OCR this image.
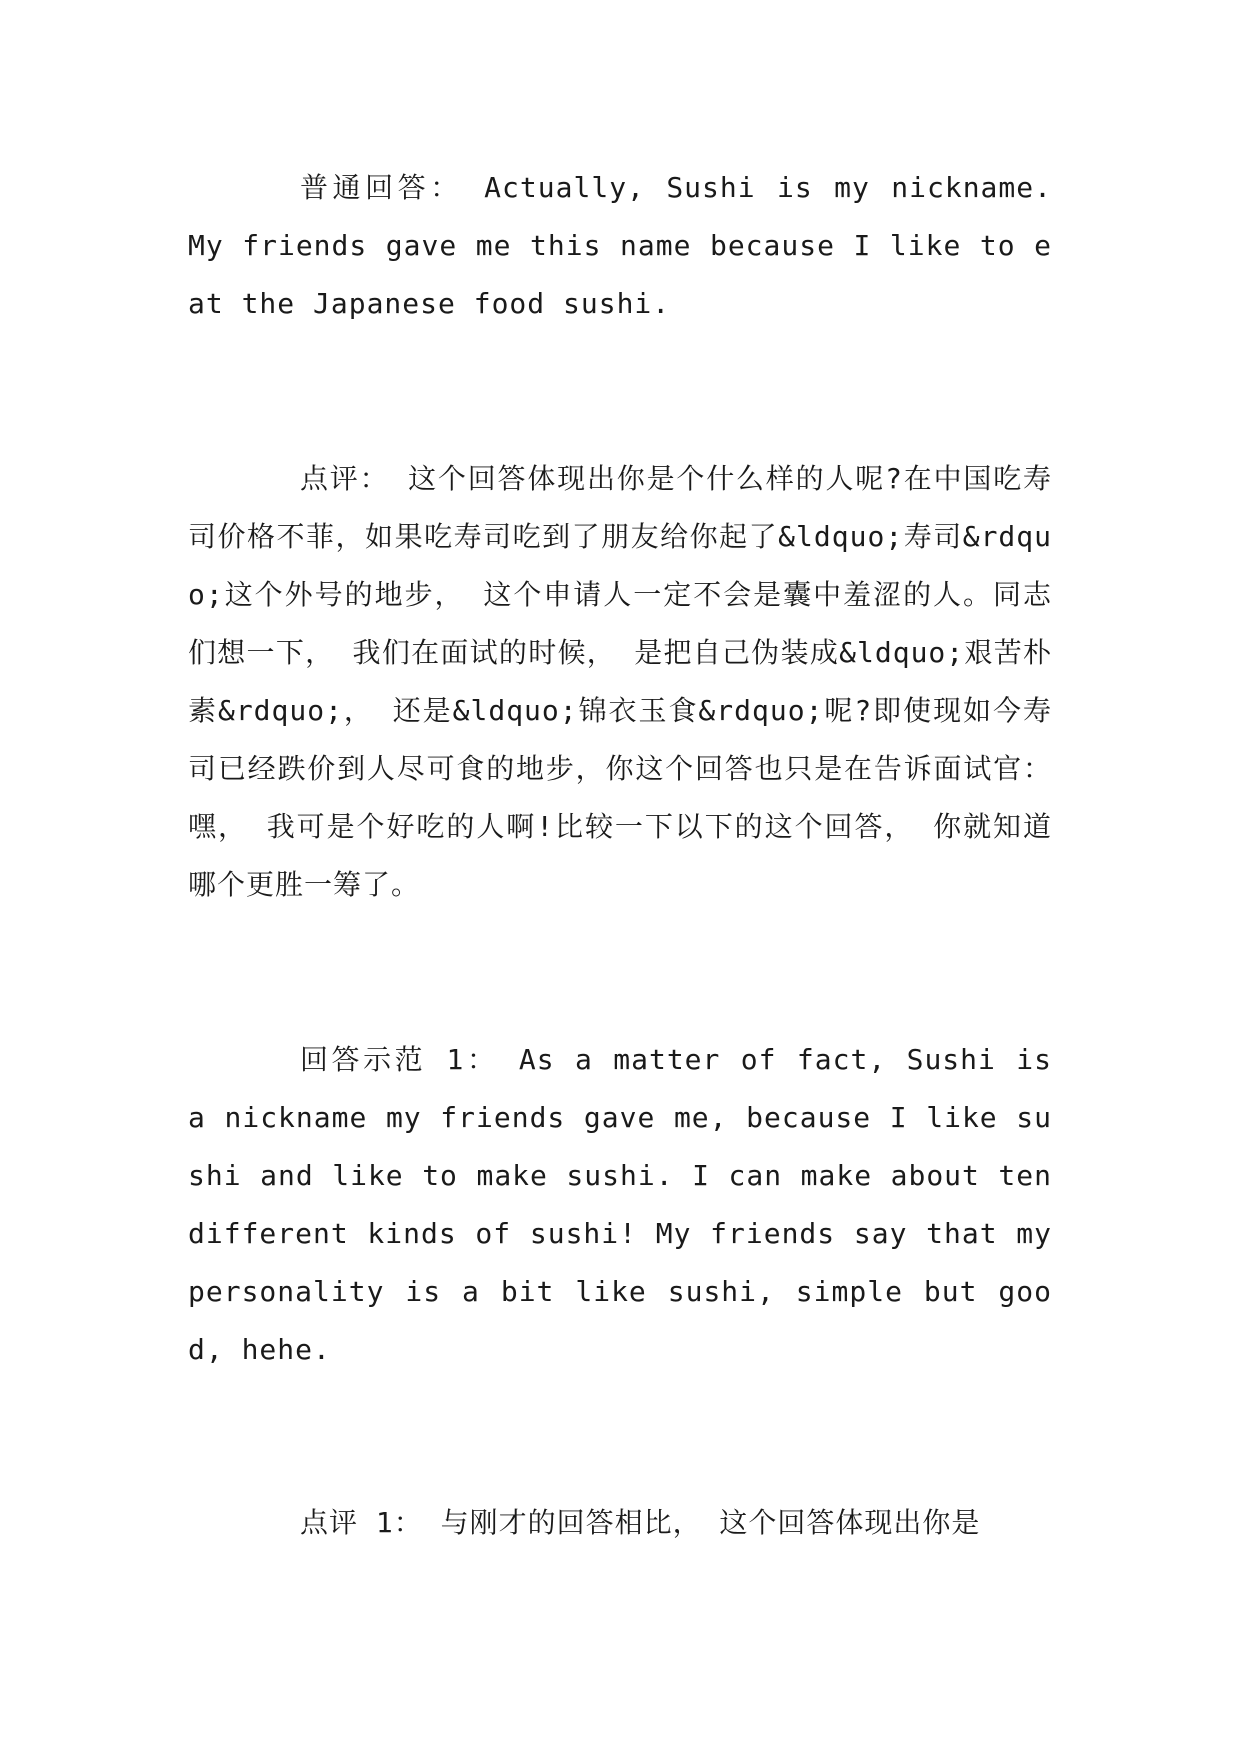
普通回答： Actually, Sushi is my nickname. My friends gave me this name because I like to eat the Japanese food sushi.

点评： 这个回答体现出你是个什么样的人呢?在中国吃寿司价格不菲，如果吃寿司吃到了朋友给你起了&ldquo;寿司&rdquo;这个外号的地步， 这个申请人一定不会是囊中羞涩的人。同志们想一下， 我们在面试的时候， 是把自己伪装成&ldquo;艰苦朴素&rdquo;， 还是&ldquo;锦衣玉食&rdquo;呢?即使现如今寿司已经跌价到人尽可食的地步，你这个回答也只是在告诉面试官： 嘿， 我可是个好吃的人啊!比较一下以下的这个回答， 你就知道哪个更胜一筹了。

回答示范 1： As a matter of fact, Sushi is a nickname my friends gave me, because I like sushi and like to make sushi. I can make about ten different kinds of sushi! My friends say that my personality is a bit like sushi, simple but good, hehe.

点评 1： 与刚才的回答相比， 这个回答体现出你是
